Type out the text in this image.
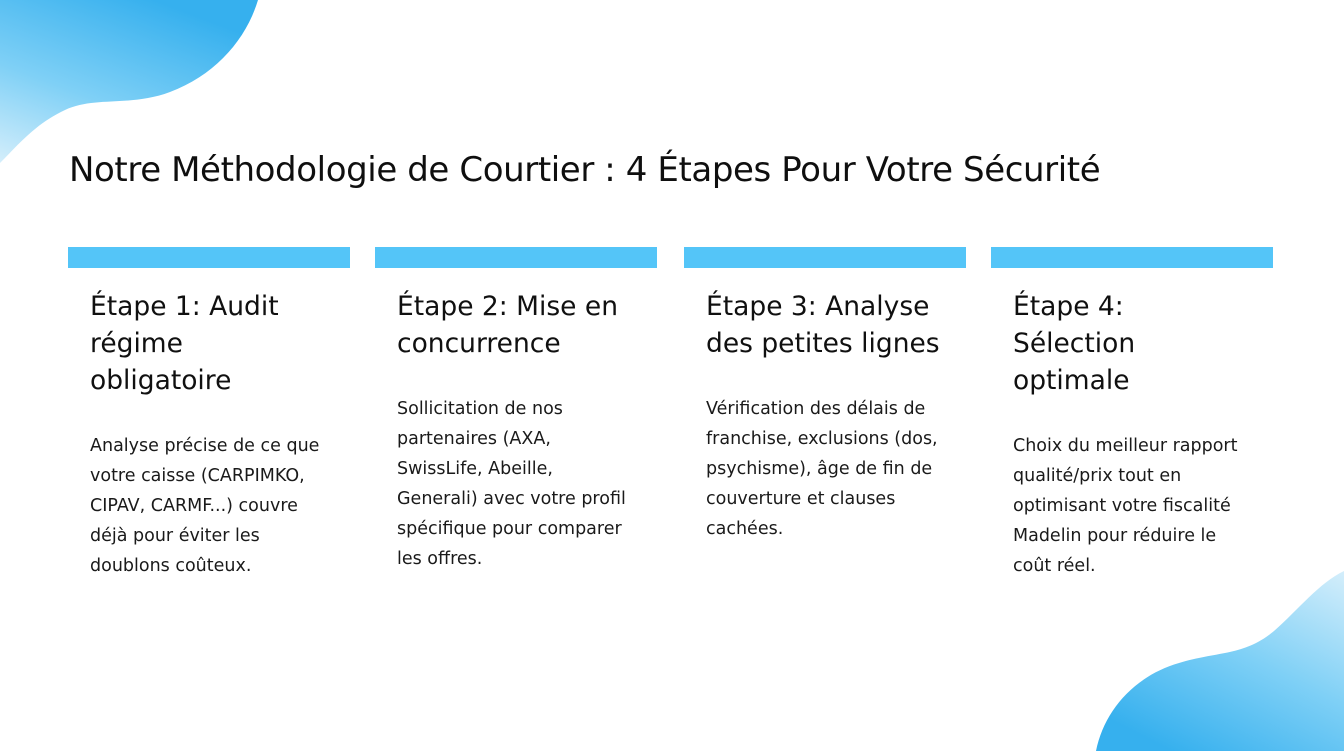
Notre Méthodologie de Courtier : 4 Étapes Pour Votre Sécurité
Étape 1: Audit régime obligatoire

Analyse précise de ce que votre caisse (CARPIMKO, CIPAV, CARMF...) couvre déjà pour éviter les doublons coûteux.

Étape 2: Mise en concurrence

Sollicitation de nos partenaires (AXA, SwissLife, Abeille, Generali) avec votre profil spécifique pour comparer les offres.

Étape 3: Analyse des petites lignes

Vérification des délais de franchise, exclusions (dos, psychisme), âge de fin de couverture et clauses cachées.

Étape 4: Sélection optimale

Choix du meilleur rapport qualité/prix tout en optimisant votre fiscalité Madelin pour réduire le coût réel.
